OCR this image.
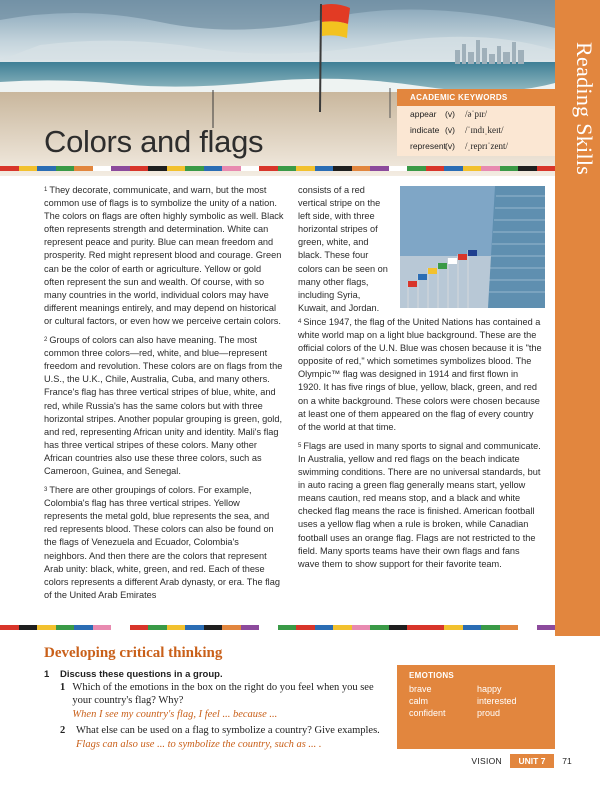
Colors and flags	Reading Skills
ACADEMIC KEYWORDS
appear	(v)	/əˈpɪr/
indicate (v)	/ˈɪndɪˌkeɪt/
represent (v)	/ˌreprɪˈzent/

$^1$ They decorate, communicate, and warn, but the most common use of flags is to symbolize the unity of a nation. The colors on flags are often highly symbolic as well. Black often represents strength and determination. White can represent peace and purity. Blue can mean freedom and prosperity. Red might represent blood and courage. Green can be the color of earth or agriculture. Yellow or gold often represent the sun and wealth. Of course, with so many countries in the world, individual colors may have different meanings entirely, and may depend on historical or cultural factors, or even how we perceive certain colors.

$^2$ Groups of colors can also have meaning. The most common three colors—red, white, and blue—represent freedom and revolution. These colors are on flags from the U.S., the U.K., Chile, Australia, Cuba, and many others. France's flag has three vertical stripes of blue, white, and red, while Russia's has the same colors but with three horizontal stripes. Another popular grouping is green, gold, and red, representing African unity and identity. Mali's flag has three vertical stripes of these colors. Many other African countries also use these three colors, such as Cameroon, Guinea, and Senegal.

$^3$ There are other groupings of colors. For example, Colombia's flag has three vertical stripes. Yellow represents the metal gold, blue represents the sea, and red represents blood. These colors can also be found on the flags of Venezuela and Ecuador, Colombia's neighbors. And then there are the colors that represent Arab unity: black, white, green, and red. Each of these colors represents a different Arab dynasty, or era. The flag of the United Arab Emirates

consists of a red vertical stripe on the left side, with three horizontal stripes of green, white, and black. These four colors can be seen on many other flags, including Syria, Kuwait, and Jordan.

$^4$ Since 1947, the flag of the United Nations has contained a white world map on a light blue background. These are the official colors of the U.N. Blue was chosen because it is "the opposite of red," which sometimes symbolizes blood. The Olympic™ flag was designed in 1914 and first flown in 1920. It has five rings of blue, yellow, black, green, and red on a white background. These colors were chosen because at least one of them appeared on the flag of every country of the world at that time.

$^5$ Flags are used in many sports to signal and communicate. In Australia, yellow and red flags on the beach indicate swimming conditions. There are no universal standards, but in auto racing a green flag generally means start, yellow means caution, red means stop, and a black and white checked flag means the race is finished. American football uses a yellow flag when a rule is broken, while Canadian football uses an orange flag. Flags are not restricted to the field. Many sports teams have their own flags and fans wave them to show support for their favorite team.

Developing critical thinking
1	Discuss these questions in a group.
1 Which of the emotions in the box on the right do you feel when you see your country's flag? Why?
When I see my country's flag, I feel ... because ...
2	What else can be used on a flag to symbolize a country? Give examples.
Flags can also use ... to symbolize the country, such as ... .
EMOTIONS
brave	happy
calm	interested
confident	proud
VISION	UNIT 7	71
